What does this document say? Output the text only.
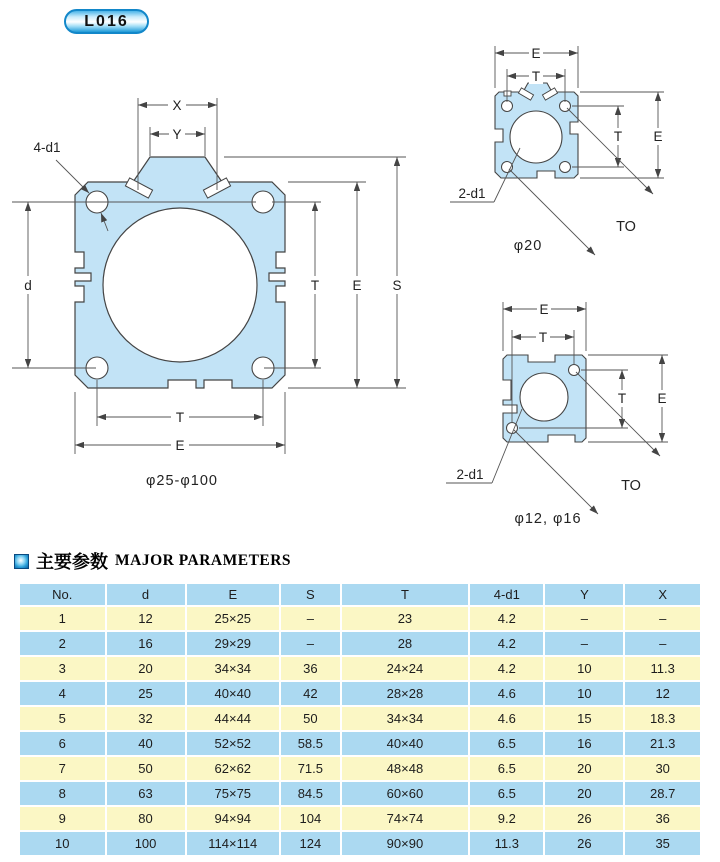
L016
X
Y
4-d1
d	T E S
T
E
φ25-φ100
E
T
T E
2-d1
TO
φ20
E
T
T E
2-d1
TO
φ12, φ16
主要参数 MAJOR PARAMETERS
No.	d	E	S	T	4-d1	Y	X
1	12	25×25	–	23	4.2	–	–
2	16	29×29	–	28	4.2	–	–
3	20	34×34	36	24×24	4.2	10	11.3
4	25	40×40	42	28×28	4.6	10	12
5	32	44×44	50	34×34	4.6	15	18.3
6	40	52×52	58.5	40×40	6.5	16	21.3
7	50	62×62	71.5	48×48	6.5	20	30
8	63	75×75	84.5	60×60	6.5	20	28.7
9	80	94×94	104	74×74	9.2	26	36
10	100	114×114	124	90×90	11.3	26	35
